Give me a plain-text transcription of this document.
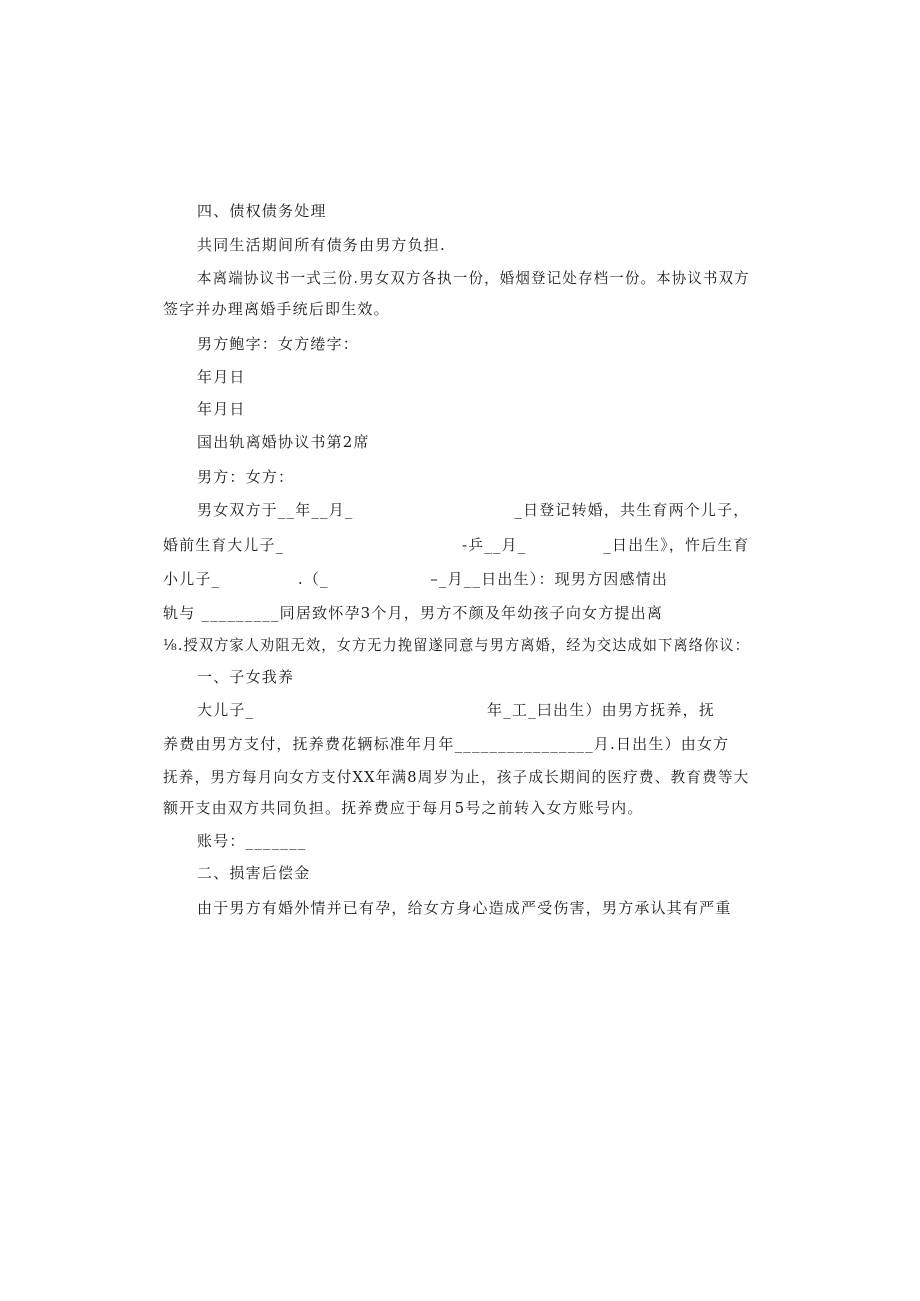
四、债权债务处理
共同生活期间所有债务由男方负担.
本离端协议书一式三份.男女双方各执一份，婚烟登记处存档一份。本协议书双方
签字并办理离婚手统后即生效。
男方鲍字：女方绻字：
年月日
年月日
国出轨离婚协议书第2席
男方：女方：
男女双方于__年__月_                           _日登记转婚，共生育两个儿子，
婚前生育大儿子_                              -乒__月_             _日出生》，忤后生育
小儿子_             .（_                 –_月__日出生）：现男方因感情出
轨与 _________同居致怀孕3个月，男方不颜及年幼孩子向女方提出离
⅛.授双方家人劝阻无效，女方无力挽留遂同意与男方离婚，经为交达成如下离络你议：
一、子女我养
大儿子_                                       年_工_曰出生）由男方抚养，抚
养费由男方支付，抚养费花辆标准年月年________________月.日出生）由女方
抚养，男方每月向女方支付XX年满8周岁为止，孩子成长期间的医疗费、教育费等大
额开支由双方共同负担。抚养费应于每月5号之前转入女方账号内。
账号：_______
二、损害后偿金
由于男方有婚外情并已有孕，给女方身心造成严受伤害，男方承认其有严重
